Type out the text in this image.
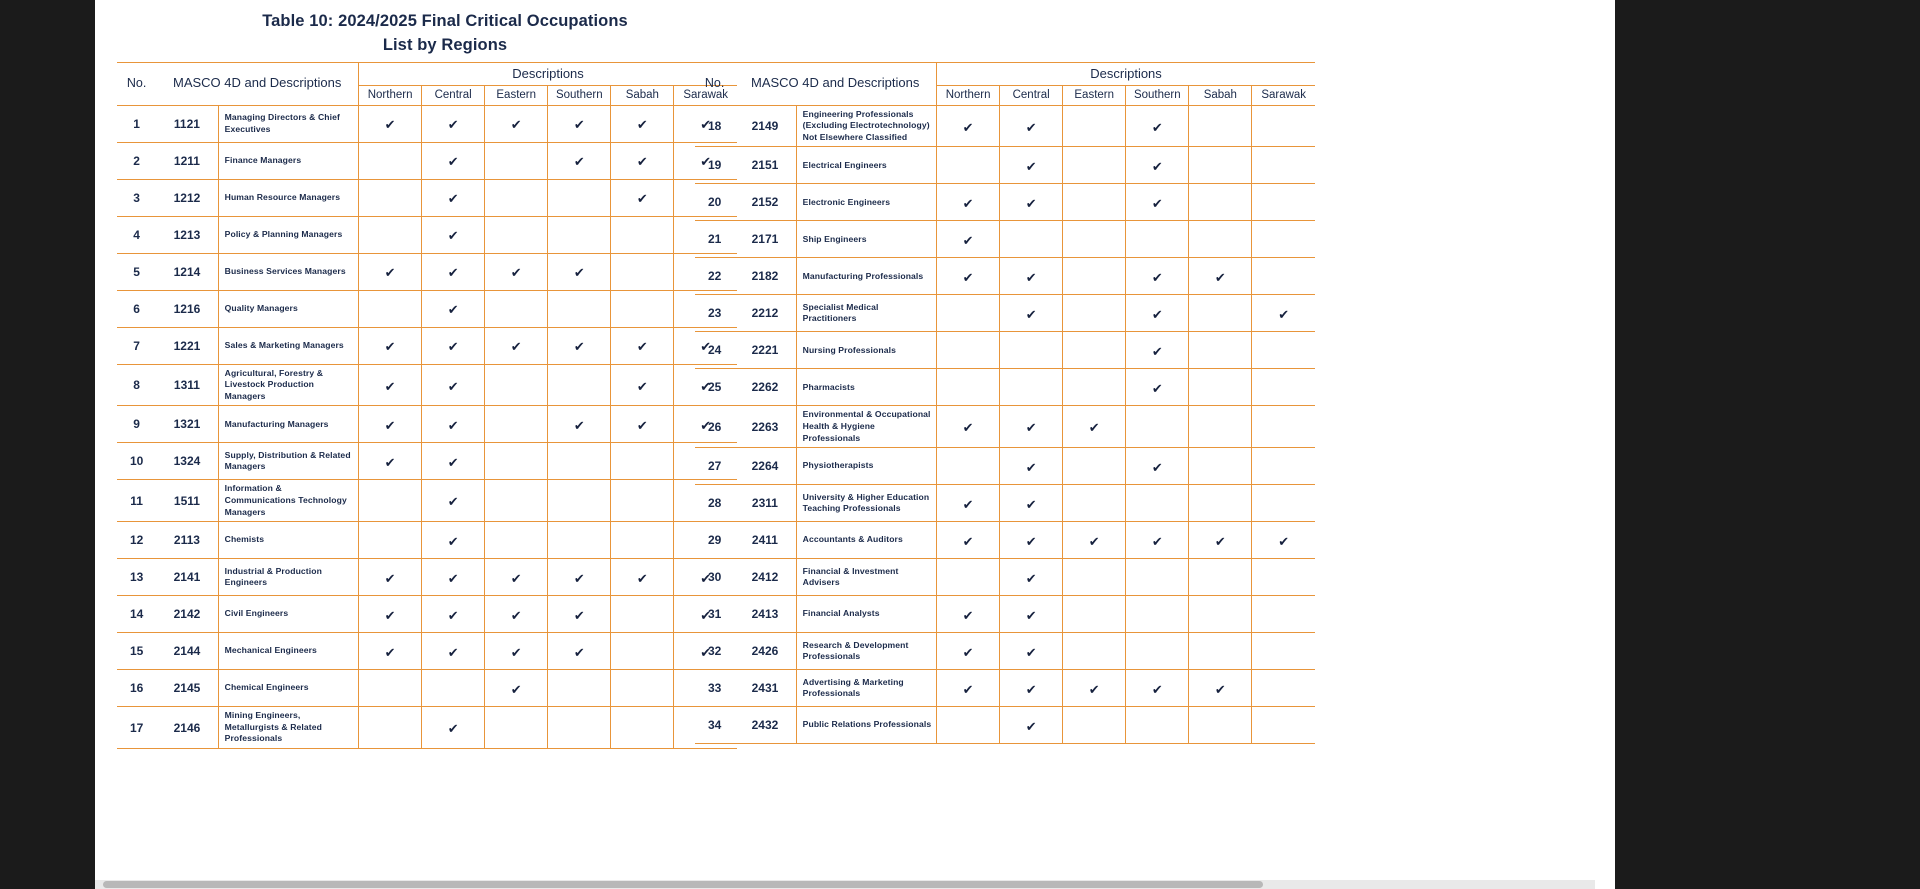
Table 10: 2024/2025 Final Critical Occupations
List by Regions
No.	MASCO 4D and Descriptions		Descriptions					
			Northern	Central	Eastern	Southern	Sabah	Sarawak
1	1121	Managing Directors & Chief Executives	✔	✔	✔	✔	✔	✔
2	1211	Finance Managers		✔		✔	✔	✔
3	1212	Human Resource Managers		✔			✔	
4	1213	Policy & Planning Managers		✔				
5	1214	Business Services Managers	✔	✔	✔	✔		
6	1216	Quality Managers		✔				
7	1221	Sales & Marketing Managers	✔	✔	✔	✔	✔	✔
8	1311	Agricultural, Forestry & Livestock Production Managers	✔	✔			✔	✔
9	1321	Manufacturing Managers	✔	✔		✔	✔	✔
10	1324	Supply, Distribution & Related Managers	✔	✔				
11	1511	Information & Communications Technology Managers		✔				
12	2113	Chemists		✔				
13	2141	Industrial & Production Engineers	✔	✔	✔	✔	✔	✔
14	2142	Civil Engineers	✔	✔	✔	✔		✔
15	2144	Mechanical Engineers	✔	✔	✔	✔		✔
16	2145	Chemical Engineers			✔			
17	2146	Mining Engineers, Metallurgists & Related Professionals		✔				
No.	MASCO 4D and Descriptions		Descriptions					
			Northern	Central	Eastern	Southern	Sabah	Sarawak
18	2149	Engineering Professionals (Excluding Electrotechnology) Not Elsewhere Classified	✔	✔		✔		
19	2151	Electrical Engineers		✔		✔		
20	2152	Electronic Engineers	✔	✔		✔		
21	2171	Ship Engineers	✔					
22	2182	Manufacturing Professionals	✔	✔		✔	✔	
23	2212	Specialist Medical Practitioners		✔		✔		✔
24	2221	Nursing Professionals				✔		
25	2262	Pharmacists				✔		
26	2263	Environmental & Occupational Health & Hygiene Professionals	✔	✔	✔			
27	2264	Physiotherapists		✔		✔		
28	2311	University & Higher Education Teaching Professionals	✔	✔				
29	2411	Accountants & Auditors	✔	✔	✔	✔	✔	✔
30	2412	Financial & Investment Advisers		✔				
31	2413	Financial Analysts	✔	✔				
32	2426	Research & Development Professionals	✔	✔				
33	2431	Advertising & Marketing Professionals	✔	✔	✔	✔	✔	
34	2432	Public Relations Professionals		✔				
